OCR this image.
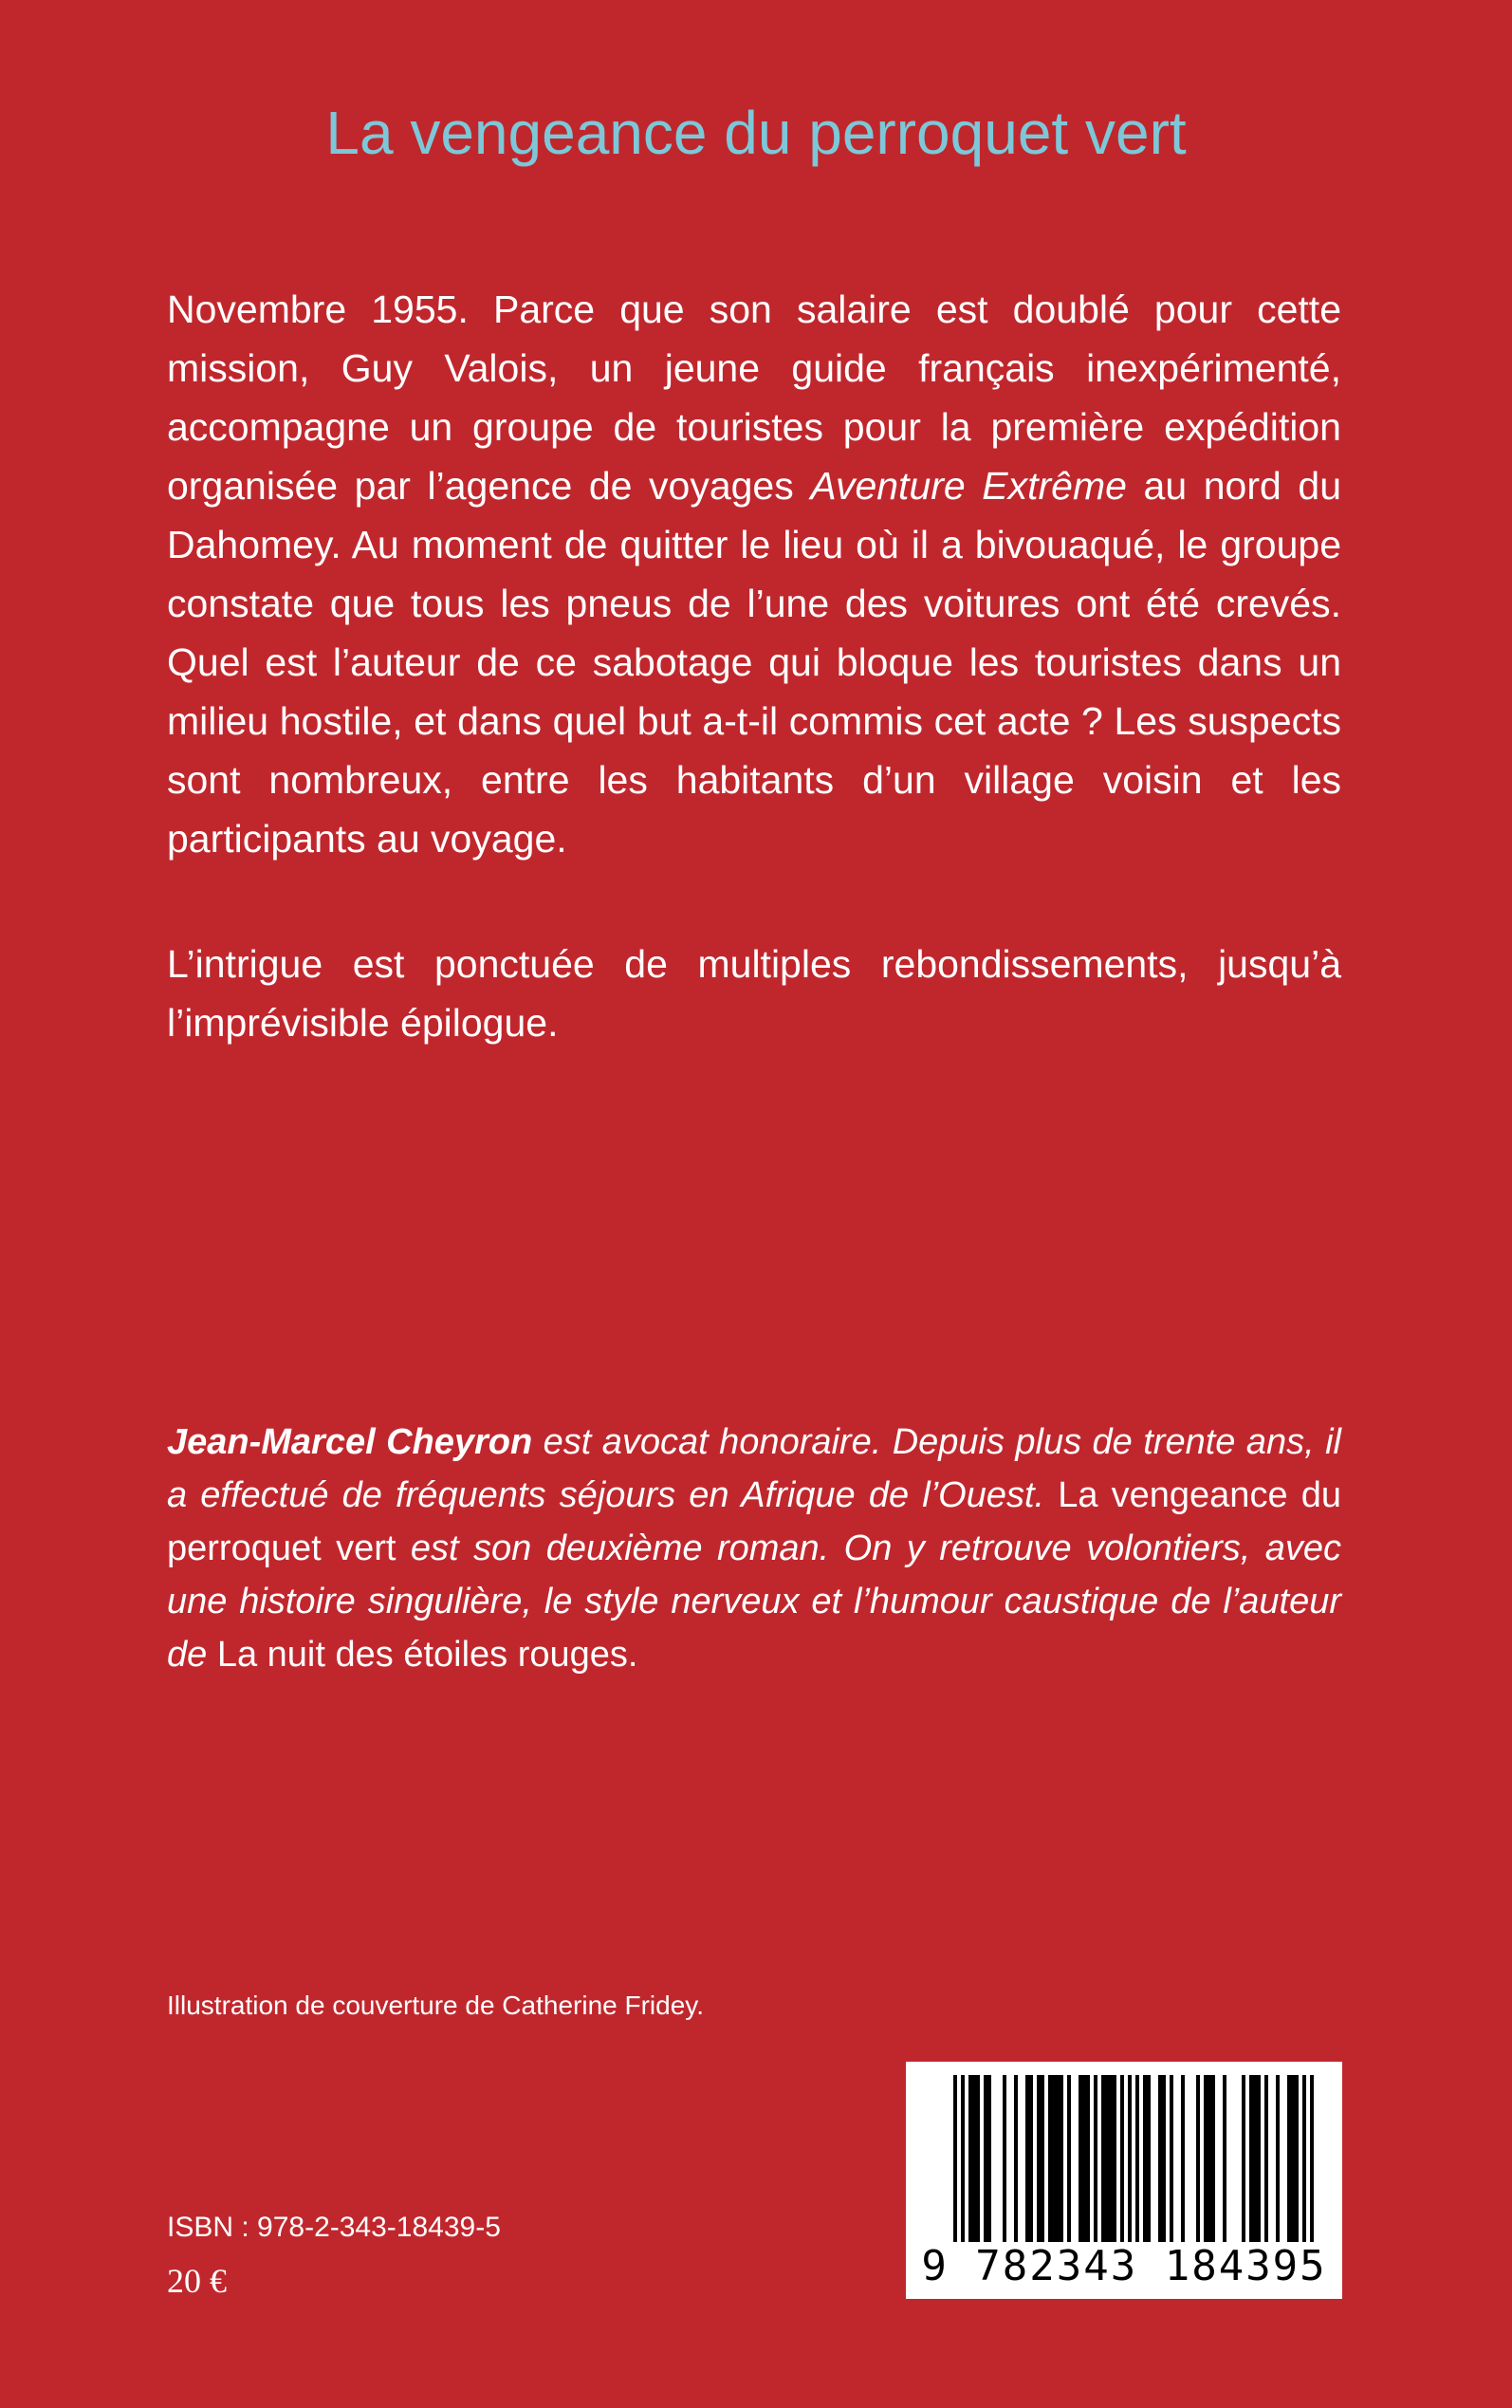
La vengeance du perroquet vert

Novembre 1955. Parce que son salaire est doublé pour cette mission, Guy Valois, un jeune guide français inexpérimenté, accompagne un groupe de touristes pour la première expédition organisée par l’agence de voyages Aventure Extrême au nord du Dahomey. Au moment de quitter le lieu où il a bivouaqué, le groupe constate que tous les pneus de l’une des voitures ont été crevés. Quel est l’auteur de ce sabotage qui bloque les touristes dans un milieu hostile, et dans quel but a-t-il commis cet acte ? Les suspects sont nombreux, entre les habitants d’un village voisin et les participants au voyage.

L’intrigue est ponctuée de multiples rebondissements, jusqu’à l’imprévisible épilogue.

Jean-Marcel Cheyron est avocat honoraire. Depuis plus de trente ans, il a effectué de fréquents séjours en Afrique de l’Ouest. La vengeance du perroquet vert est son deuxième roman. On y retrouve volontiers, avec une histoire singulière, le style nerveux et l’humour caustique de l’auteur de La nuit des étoiles rouges.

Illustration de couverture de Catherine Fridey.

ISBN : 978-2-343-18439-5
20 €	9 782343 184395
